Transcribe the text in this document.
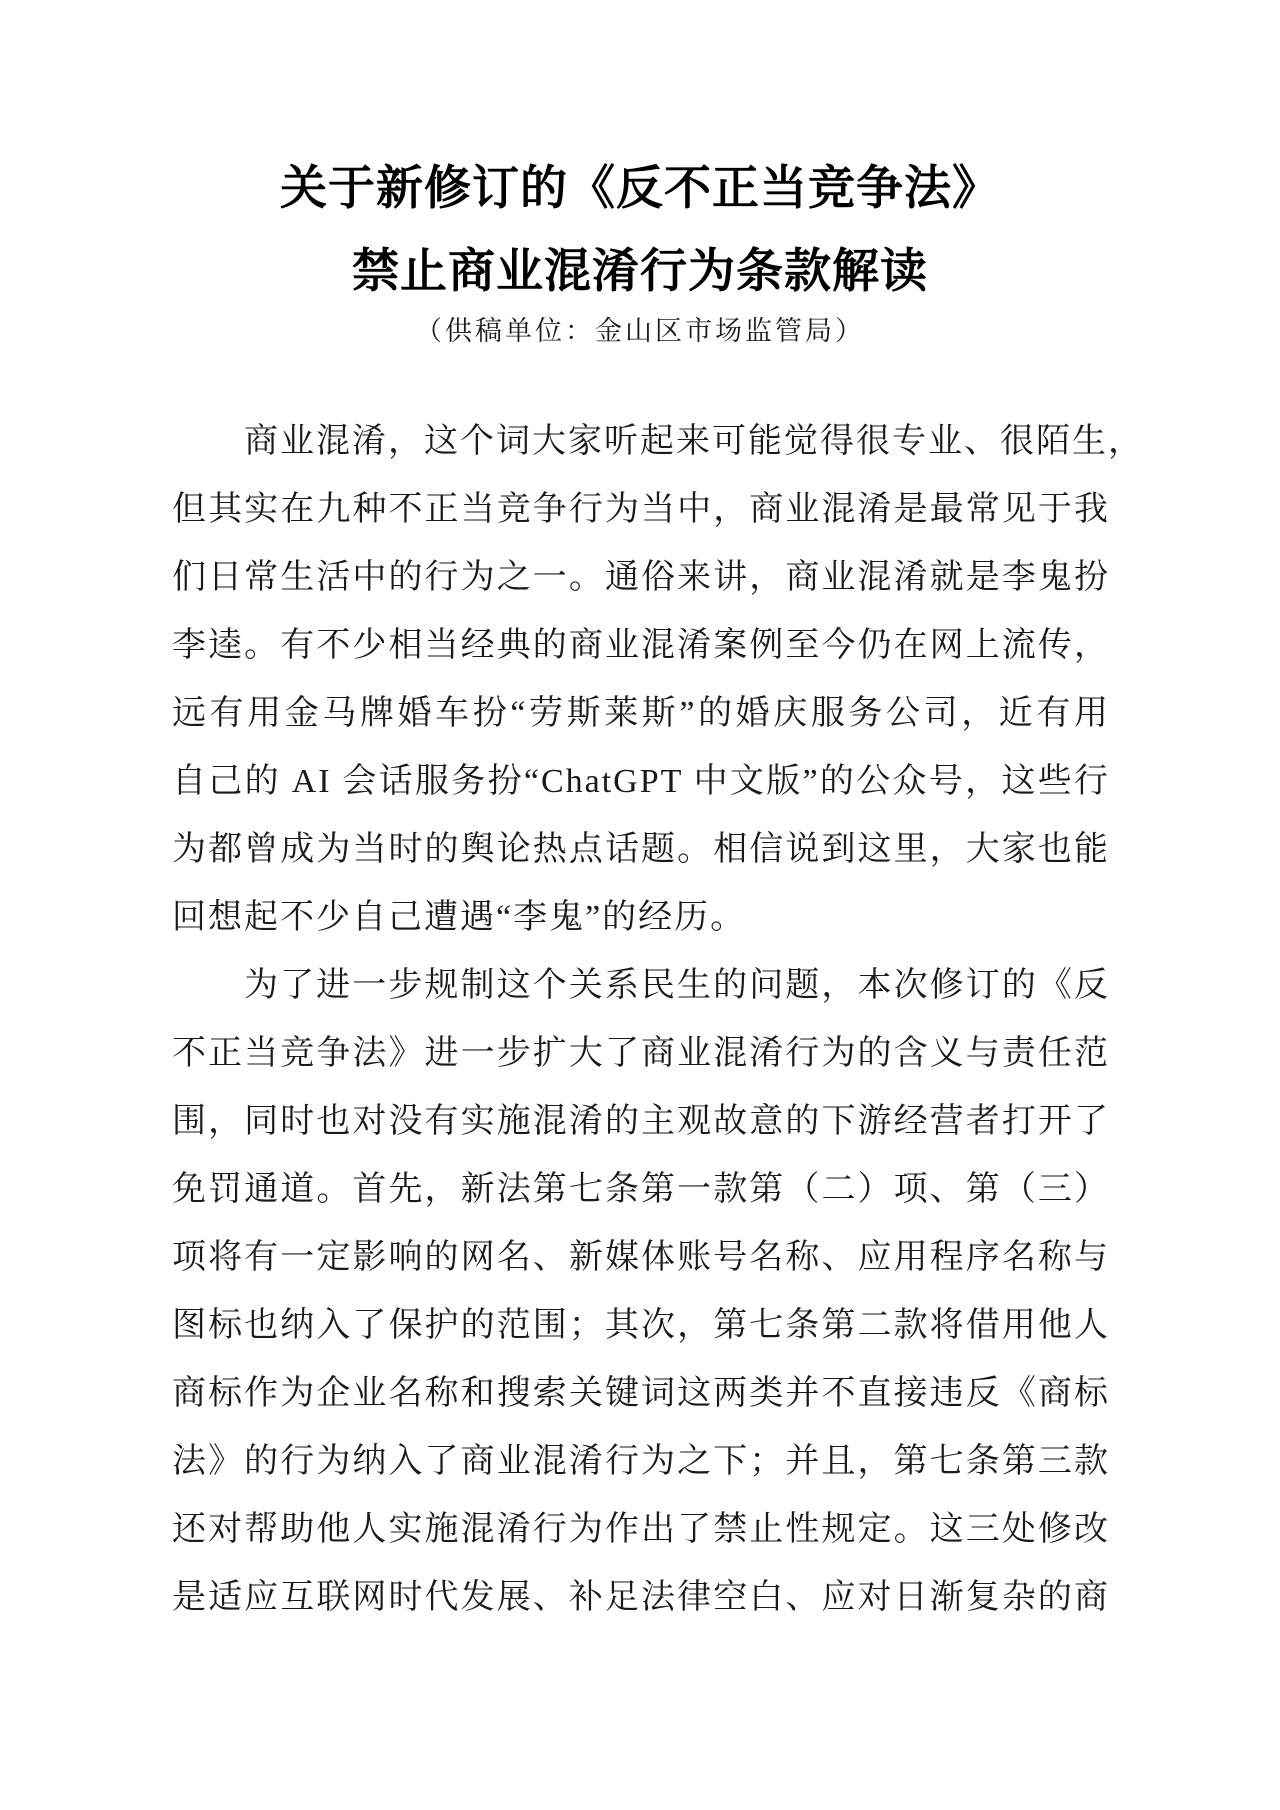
关于新修订的《反不正当竞争法》
禁止商业混淆行为条款解读
（供稿单位：金山区市场监管局）
商业混淆，这个词大家听起来可能觉得很专业、很陌生，
但其实在九种不正当竞争行为当中，商业混淆是最常见于我
们日常生活中的行为之一。通俗来讲，商业混淆就是李鬼扮
李逵。有不少相当经典的商业混淆案例至今仍在网上流传，
远有用金马牌婚车扮“劳斯莱斯”的婚庆服务公司，近有用
自己的 AI 会话服务扮“ChatGPT 中文版”的公众号，这些行
为都曾成为当时的舆论热点话题。相信说到这里，大家也能
回想起不少自己遭遇“李鬼”的经历。
为了进一步规制这个关系民生的问题，本次修订的《反
不正当竞争法》进一步扩大了商业混淆行为的含义与责任范
围，同时也对没有实施混淆的主观故意的下游经营者打开了
免罚通道。首先，新法第七条第一款第（二）项、第（三）
项将有一定影响的网名、新媒体账号名称、应用程序名称与
图标也纳入了保护的范围；其次，第七条第二款将借用他人
商标作为企业名称和搜索关键词这两类并不直接违反《商标
法》的行为纳入了商业混淆行为之下；并且，第七条第三款
还对帮助他人实施混淆行为作出了禁止性规定。这三处修改
是适应互联网时代发展、补足法律空白、应对日渐复杂的商
